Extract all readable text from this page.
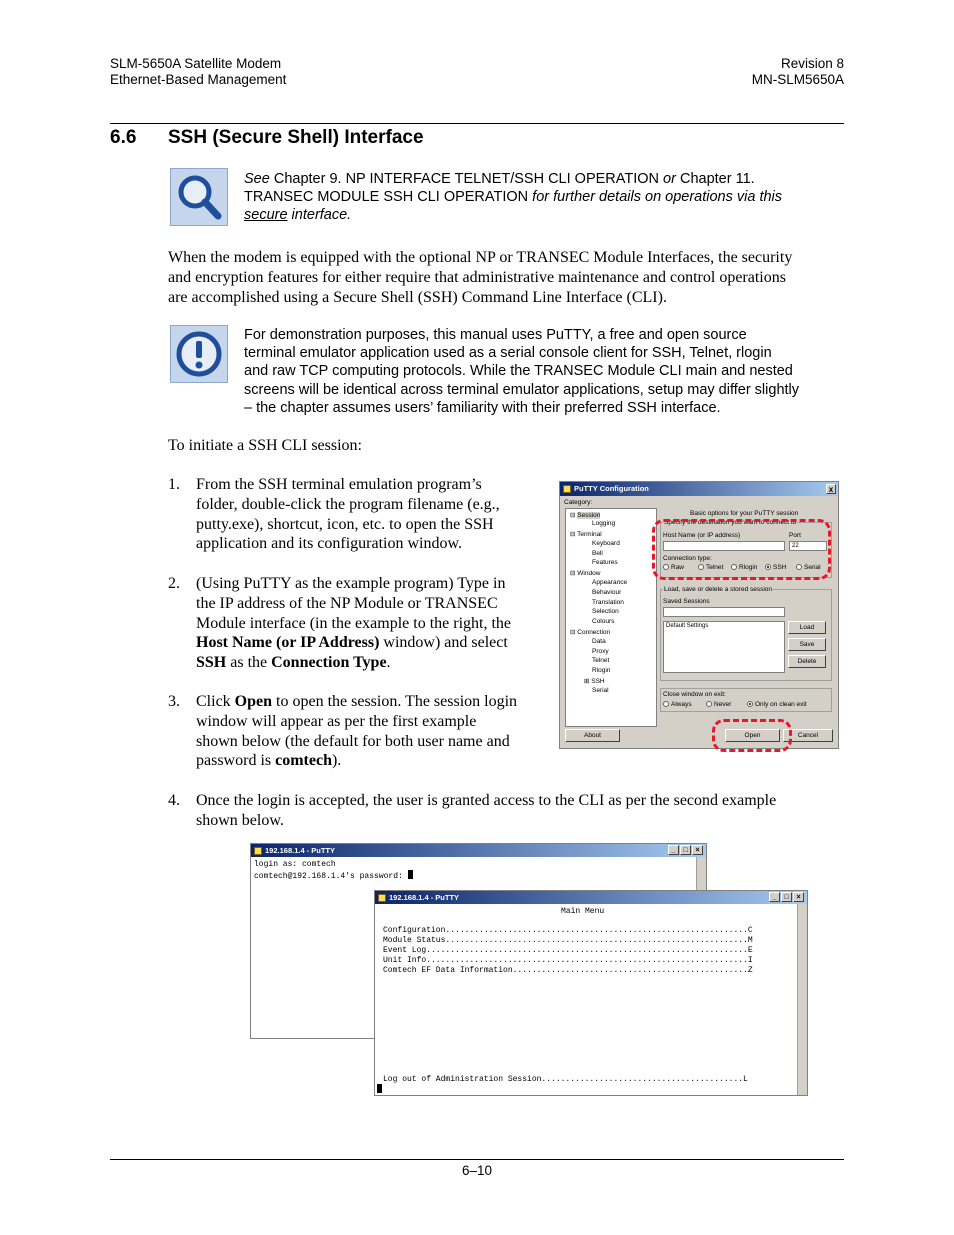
SLM-5650A Satellite Modem
Ethernet-Based Management
Revision 8
MN-SLM5650A
6.6 SSH (Secure Shell) Interface
See Chapter 9. NP INTERFACE TELNET/SSH CLI OPERATION or Chapter 11.
TRANSEC MODULE SSH CLI OPERATION for further details on operations via this
secure interface.
When the modem is equipped with the optional NP or TRANSEC Module Interfaces, the security
and encryption features for either require that administrative maintenance and control operations
are accomplished using a Secure Shell (SSH) Command Line Interface (CLI).
For demonstration purposes, this manual uses PuTTY, a free and open source
terminal emulator application used as a serial console client for SSH, Telnet, rlogin
and raw TCP computing protocols. While the TRANSEC Module CLI main and nested
screens will be identical across terminal emulator applications, setup may differ slightly
– the chapter assumes users’ familiarity with their preferred SSH interface.
To initiate a SSH CLI session:
1. From the SSH terminal emulation program’s
folder, double-click the program filename (e.g.,
putty.exe), shortcut, icon, etc. to open the SSH
application and its configuration window.
2. (Using PuTTY as the example program) Type in
the IP address of the NP Module or TRANSEC
Module interface (in the example to the right, the
Host Name (or IP Address) window) and select
SSH as the Connection Type.
3. Click Open to open the session. The session login
window will appear as per the first example
shown below (the default for both user name and
password is comtech).
PuTTY Configuration	x
Category:
⊟ Session
Logging
⊟ Terminal
Keyboard
Bell
Features
⊟ Window
Appearance
Behaviour
Translation
Selection
Colours
⊟ Connection
Data
Proxy
Telnet
Rlogin
⊞ SSH
Serial
Basic options for your PuTTY session
Specify the destination you want to connect to
Host Name (or IP address)	Port
22
Connection type:
Raw	Telnet	Rlogin	SSH	Serial
Load, save or delete a stored session
Saved Sessions
Default Settings	Load
Save
Delete
Close window on exit:
Always	Never	Only on clean exit
About	Open	Cancel
4. Once the login is accepted, the user is granted access to the CLI as per the second example
shown below.
192.168.1.4 - PuTTY	_	□	×
login as: comtech
comtech@192.168.1.4's password:
192.168.1.4 - PuTTY	_	□	×
Main Menu
Configuration...............................................................C
Module Status...............................................................M
Event Log...................................................................E
Unit Info...................................................................I
Comtech EF Data Information.................................................Z
Log out of Administration Session..........................................L
6–10
